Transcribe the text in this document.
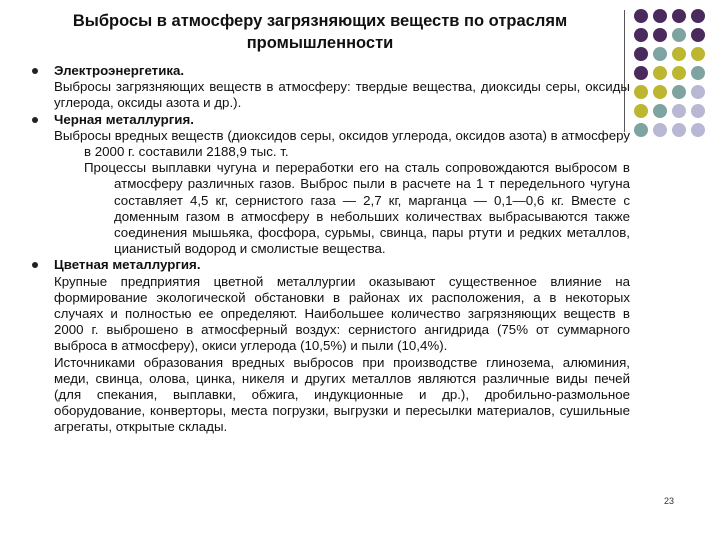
Выбросы в атмосферу загрязняющих веществ по отраслям
промышленности
Электроэнергетика.
Выбросы загрязняющих веществ в атмосферу: твердые вещества, диоксиды серы, оксиды углерода, оксиды азота и др.).
Черная металлургия.
Выбросы вредных веществ (диоксидов серы, оксидов углерода, оксидов азота) в атмосферу в 2000 г. составили 2188,9 тыс. т.
Процессы выплавки чугуна и переработки его на сталь сопровождаются выбросом в атмосферу различных газов. Выброс пыли в расчете на 1 т передельного чугуна составляет 4,5 кг, сернистого газа — 2,7 кг, марганца — 0,1—0,6 кг. Вместе с доменным газом в атмосферу в небольших количествах выбрасываются также соединения мышьяка, фосфора, сурьмы, свинца, пары ртути и редких металлов, цианистый водород и смолистые вещества.
Цветная металлургия.
Крупные предприятия цветной металлургии оказывают существенное влияние на формирование экологической обстановки в районах их расположения, а в некоторых случаях и полностью ее определяют. Наибольшее количество загрязняющих веществ в 2000 г. выброшено в атмосферный воздух: сернистого ангидрида (75% от суммарного выброса в атмосферу), окиси углерода (10,5%) и пыли (10,4%).
Источниками образования вредных выбросов при производстве глинозема, алюминия, меди, свинца, олова, цинка, никеля и других металлов являются различные виды печей (для спекания, выплавки, обжига, индукционные и др.), дробильно-размольное оборудование, конверторы, места погрузки, выгрузки и пересылки материалов, сушильные агрегаты, открытые склады.
23
